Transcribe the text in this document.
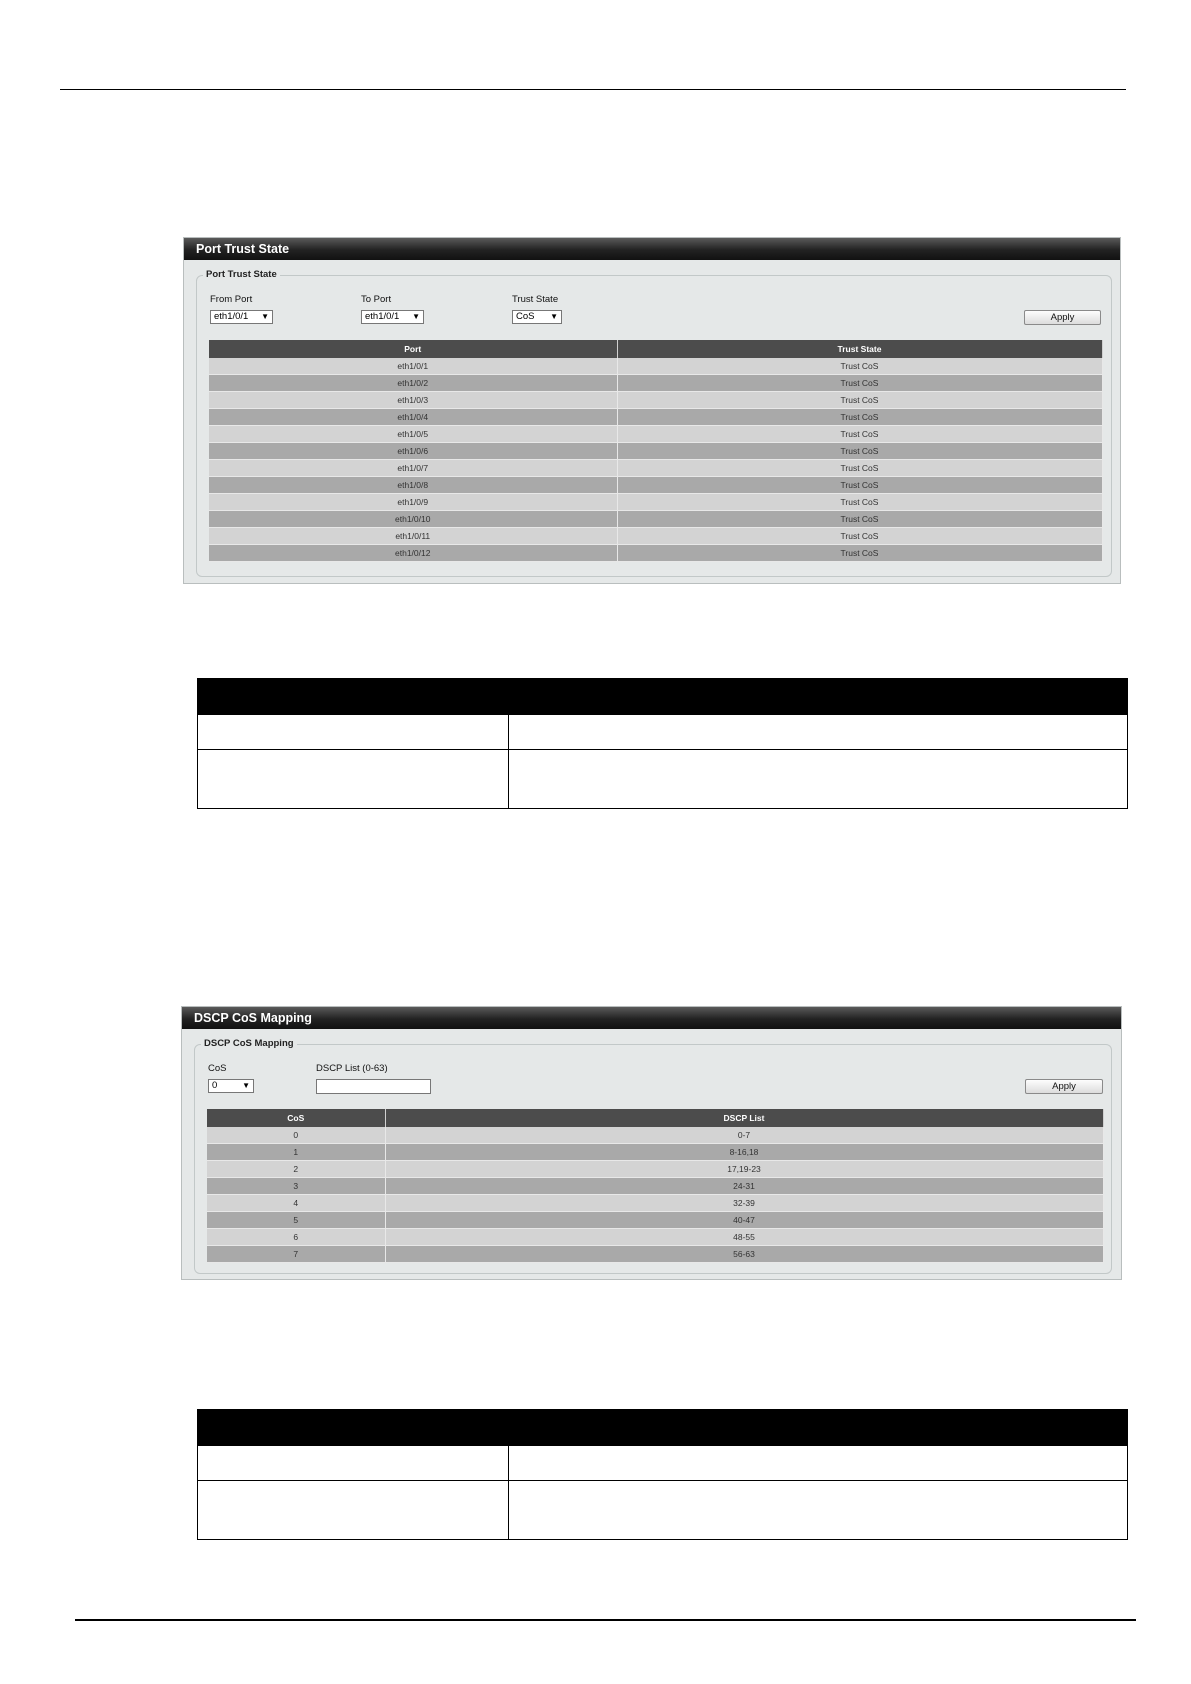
Port Trust State
Port Trust State
From Port
eth1/0/1 ▼
To Port
eth1/0/1 ▼
Trust State
CoS ▼	Apply
Port	Trust State
eth1/0/1	Trust CoS
eth1/0/2	Trust CoS
eth1/0/3	Trust CoS
eth1/0/4	Trust CoS
eth1/0/5	Trust CoS
eth1/0/6	Trust CoS
eth1/0/7	Trust CoS
eth1/0/8	Trust CoS
eth1/0/9	Trust CoS
eth1/0/10	Trust CoS
eth1/0/11	Trust CoS
eth1/0/12	Trust CoS

DSCP CoS Mapping
DSCP CoS Mapping
CoS
0	▼
DSCP List (0-63)
Apply
CoS	DSCP List
0	0-7
1	8-16,18
2	17,19-23
3	24-31
4	32-39
5	40-47
6	48-55
7	56-63
